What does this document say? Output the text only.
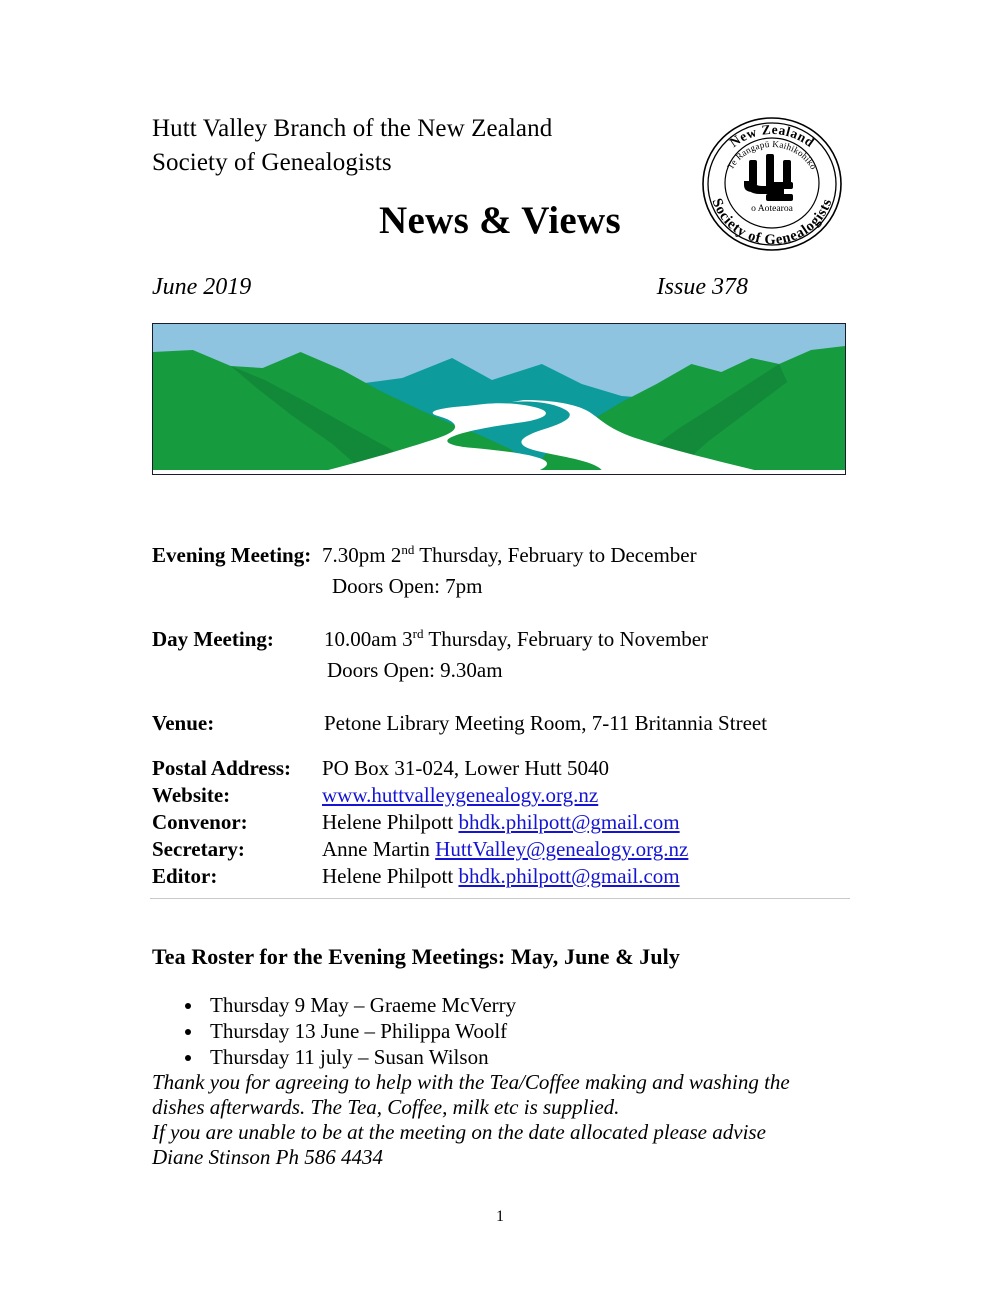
Hutt Valley Branch of the New Zealand
Society of Genealogists
New Zealand
Te Rangapū Kaihikohiko
Society of Genealogists
o Aotearoa
News & Views
June 2019	Issue 378
Evening Meeting: 7.30pm 2nd Thursday, February to December
Doors Open: 7pm
Day Meeting:	10.00am 3rd Thursday, February to November
Doors Open: 9.30am
Venue:	Petone Library Meeting Room, 7-11 Britannia Street
Postal Address:	PO Box 31-024, Lower Hutt 5040
Website:	www.huttvalleygenealogy.org.nz
Convenor:	Helene Philpott bhdk.philpott@gmail.com
Secretary:	Anne Martin HuttValley@genealogy.org.nz
Editor:	Helene Philpott bhdk.philpott@gmail.com
Tea Roster for the Evening Meetings: May, June & July
• Thursday 9 May – Graeme McVerry
• Thursday 13 June – Philippa Woolf
• Thursday 11 july – Susan Wilson
Thank you for agreeing to help with the Tea/Coffee making and washing the
dishes afterwards. The Tea, Coffee, milk etc is supplied.
If you are unable to be at the meeting on the date allocated please advise
Diane Stinson Ph 586 4434
1
